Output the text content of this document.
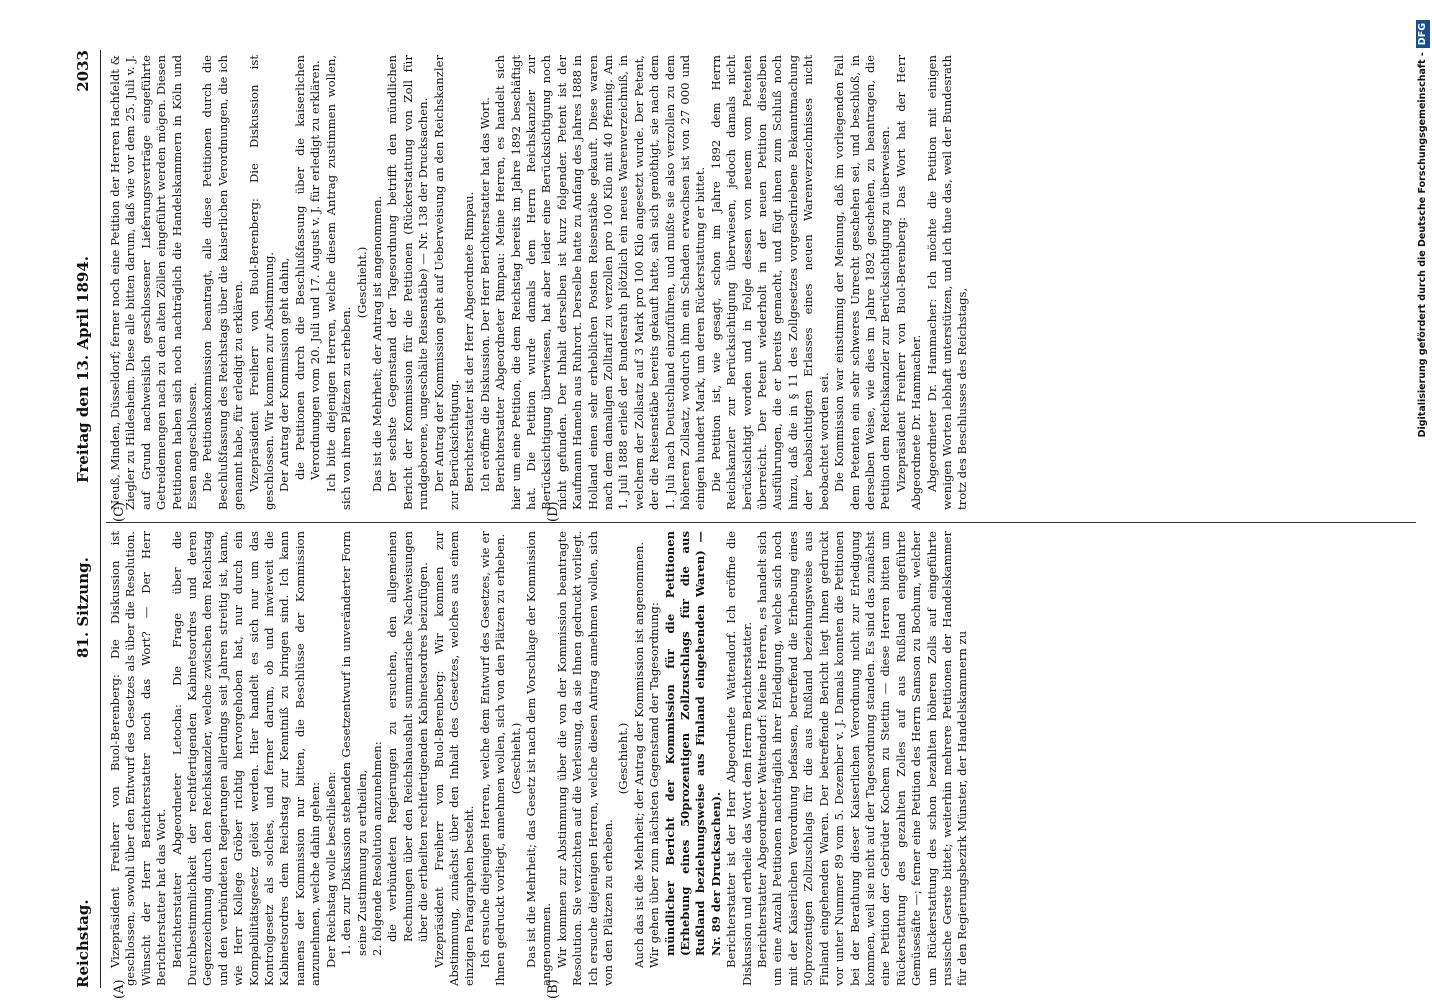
Reichstag.
81. Sitzung.
Freitag den 13. April 1894.
2033
(A)	(B)
(C)	(D)

Vizepräsident Freiherr von Buol-Berenberg: Die Diskussion ist geschlossen, sowohl über den Entwurf des Gesetzes als über die Resolution. Wünscht der Herr Berichterstatter noch das Wort? — Der Herr Berichterstatter hat das Wort. Berichterstatter Abgeordneter Letocha: Die Frage über die Durchbestimmlichkeit der rechtfertigenden Kabinetsordres und deren Gegenzeichnung durch den Reichskanzler, welche zwischen dem Reichstag und den verbündeten Regierungen allerdings seit Jahren streitig ist, kann, wie Herr Kollege Gröber richtig hervorgehoben hat, nur durch ein Kompabilitätsgesetz gelöst werden. Hier handelt es sich nur um das Kontrolgesetz als solches, und ferner darum, ob und inwieweit die Kabinetsordres dem Reichstag zur Kenntniß zu bringen sind. Ich kann namens der Kommission nur bitten, die Beschlüsse der Kommission anzunehmen, welche dahin gehen: Der Reichstag wolle beschließen: 1. den zur Diskussion stehenden Gesetzentwurf in unveränderter Form seine Zustimmung zu ertheilen, 2. folgende Resolution anzunehmen: die verbündeten Regierungen zu ersuchen, den allgemeinen Rechnungen über den Reichshaushalt summarische Nachweisungen über die ertheilten rechtfertigenden Kabinetsordres beizufügen. Vizepräsident Freiherr von Buol-Berenberg: Wir kommen zur Abstimmung, zunächst über den Inhalt des Gesetzes, welches aus einem einzigen Paragraphen besteht. Ich ersuche diejenigen Herren, welche dem Entwurf des Gesetzes, wie er Ihnen gedruckt vorliegt, annehmen wollen, sich von den Plätzen zu erheben. (Geschieht.) Das ist die Mehrheit; das Gesetz ist nach dem Vorschlage der Kommission angenommen. Wir kommen zur Abstimmung über die von der Kommission beantragte Resolution. Sie verzichten auf die Verlesung, da sie Ihnen gedruckt vorliegt. Ich ersuche diejenigen Herren, welche diesen Antrag annehmen wollen, sich von den Plätzen zu erheben.

(Geschieht.) Auch das ist die Mehrheit; der Antrag der Kommission ist angenommen. Wir gehen über zum nächsten Gegenstand der Tagesordnung: mündlicher Bericht der Kommission für die Petitionen (Erhebung eines 50prozentigen Zollzuschlags für die aus Rußland beziehungsweise aus Finland eingehenden Waren) — Nr. 89 der Drucksachen). Berichterstatter ist der Herr Abgeordnete Wattendorf. Ich eröffne die Diskussion und ertheile das Wort dem Herrn Berichterstatter. Berichterstatter Abgeordneter Wattendorf: Meine Herren, es handelt sich um eine Anzahl Petitionen nachträglich ihrer Erledigung, welche sich noch mit der Kaiserlichen Verordnung befassen, betreffend die Erhebung eines 50prozentigen Zollzuschlags für die aus Rußland beziehungsweise aus Finland eingehenden Waren. Der betreffende Bericht liegt Ihnen gedruckt vor unter Nummer 89 vom 5. Dezember v. J. Damals konnten die Petitionen bei der Berathung dieser Kaiserlichen Verordnung nicht zur Erledigung kommen, weil sie nicht auf der Tagesordnung standen. Es sind das zunächst eine Petition der Gebrüder Kochem zu Stettin — diese Herren bitten um Rückerstattung des gezahlten Zolles auf aus Rußland eingeführte Gemüsesäfte —; ferner eine Petition des Herrn Samson zu Bochum, welcher um Rückerstattung des schon bezahlten höheren Zolls auf eingeführte russische Gerste bittet; weiterhin mehrere Petitionen der Handelskammer für den Regierungsbezirk Münster, der Handelskammern zu

Neuß, Minden, Düsseldorf; ferner noch eine Petition der Herren Hachfeldt & Ziegler zu Hildesheim. Diese alle bitten darum, daß wie vor dem 25. Juli v. J. auf Grund nachweislich geschlossener Lieferungsverträge eingeführte Getreidemengen nach zu den alten Zöllen eingeführt werden mögen. Diesen Petitionen haben sich noch nachträglich die Handelskammern in Köln und Essen angeschlossen. Die Petitionskommission beantragt, alle diese Petitionen durch die Beschlußfassung des Reichstags über die kaiserlichen Verordnungen, die ich genannt habe, für erledigt zu erklären. Vizepräsident Freiherr von Buol-Berenberg: Die Diskussion ist geschlossen. Wir kommen zur Abstimmung. Der Antrag der Kommission geht dahin, die Petitionen durch die Beschlußfassung über die kaiserlichen Verordnungen vom 20. Juli und 17. August v. J. für erledigt zu erklären. Ich bitte diejenigen Herren, welche diesem Antrag zustimmen wollen, sich von ihren Plätzen zu erheben.

(Geschieht.) Das ist die Mehrheit; der Antrag ist angenommen. Der sechste Gegenstand der Tagesordnung betrifft den mündlichen Bericht der Kommission für die Petitionen (Rückerstattung von Zoll für rundgeborene, ungeschälte Reisenstäbe) — Nr. 138 der Drucksachen. Der Antrag der Kommission geht auf Ueberweisung an den Reichskanzler zur Berücksichtigung. Berichterstatter ist der Herr Abgeordnete Rimpau. Ich eröffne die Diskussion. Der Herr Berichterstatter hat das Wort. Berichterstatter Abgeordneter Rimpau: Meine Herren, es handelt sich hier um eine Petition, die dem Reichstag bereits im Jahre 1892 beschäftigt hat. Die Petition wurde damals dem Herrn Reichskanzler zur Berücksichtigung überwiesen, hat aber leider eine Berücksichtigung noch nicht gefunden. Der Inhalt derselben ist kurz folgender. Petent ist der Kaufmann Hameln aus Ruhrort. Derselbe hatte zu Anfang des Jahres 1888 in Holland einen sehr erheblichen Posten Reisenstäbe gekauft. Diese waren nach dem damaligen Zolltarif zu verzollen pro 100 Kilo mit 40 Pfennig. Am 1. Juli 1888 erließ der Bundesrath plötzlich ein neues Warenverzeichniß, in welchem der Zollsatz auf 3 Mark pro 100 Kilo angesetzt wurde. Der Petent, der die Reisenstäbe bereits gekauft hatte, sah sich genöthigt, sie nach dem 1. Juli nach Deutschland einzuführen, und mußte sie also verzollen zu dem höheren Zollsatz, wodurch ihm ein Schaden erwachsen ist von 27 000 und einigen hundert Mark, um deren Rückerstattung er bittet. Die Petition ist, wie gesagt, schon im Jahre 1892 dem Herrn Reichskanzler zur Berücksichtigung überwiesen, jedoch damals nicht berücksichtigt worden und in Folge dessen von neuem vom Petenten überreicht. Der Petent wiederholt in der neuen Petition dieselben Ausführungen, die er bereits gemacht, und fügt ihnen zum Schluß noch hinzu, daß die in § 11 des Zollgesetzes vorgeschriebene Bekanntmachung der beabsichtigten Erlasses eines neuen Warenverzeichnisses nicht beobachtet worden sei. Die Kommission war einstimmig der Meinung, daß im vorliegenden Fall dem Petenten ein sehr schweres Unrecht geschehen sei, und beschloß, in derselben Weise, wie dies im Jahre 1892 geschehen, zu beantragen, die Petition dem Reichskanzler zur Berücksichtigung zu überweisen. Vizepräsident Freiherr von Buol-Berenberg: Das Wort hat der Herr Abgeordnete Dr. Hammacher. Abgeordneter Dr. Hammacher: Ich möchte die Petition mit einigen wenigen Worten lebhaft unterstützen, und ich thue das, weil der Bundesrath trotz des Beschlusses des Reichstags,	Digitalisierung gefördert durch die Deutsche Forschungsgemeinschaft -DFG
